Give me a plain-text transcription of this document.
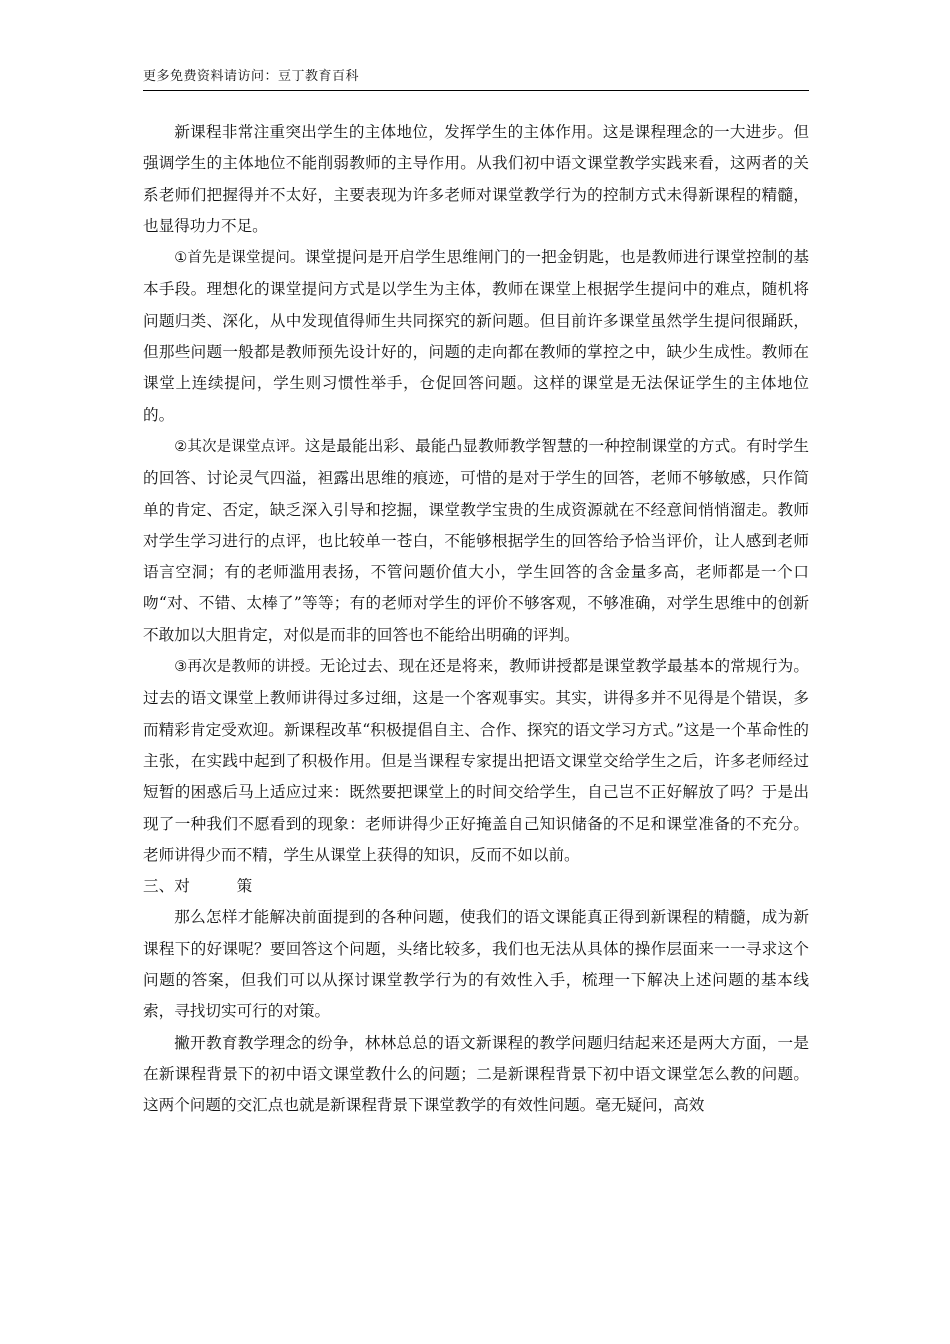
更多免费资料请访问：豆丁教育百科

新课程非常注重突出学生的主体地位，发挥学生的主体作用。这是课程理念的一大进步。但强调学生的主体地位不能削弱教师的主导作用。从我们初中语文课堂教学实践来看，这两者的关系老师们把握得并不太好，主要表现为许多老师对课堂教学行为的控制方式未得新课程的精髓，也显得功力不足。

①首先是课堂提问。课堂提问是开启学生思维闸门的一把金钥匙，也是教师进行课堂控制的基本手段。理想化的课堂提问方式是以学生为主体，教师在课堂上根据学生提问中的难点，随机将问题归类、深化，从中发现值得师生共同探究的新问题。但目前许多课堂虽然学生提问很踊跃，但那些问题一般都是教师预先设计好的，问题的走向都在教师的掌控之中，缺少生成性。教师在课堂上连续提问，学生则习惯性举手，仓促回答问题。这样的课堂是无法保证学生的主体地位的。

②其次是课堂点评。这是最能出彩、最能凸显教师教学智慧的一种控制课堂的方式。有时学生的回答、讨论灵气四溢，袒露出思维的痕迹，可惜的是对于学生的回答，老师不够敏感，只作简单的肯定、否定，缺乏深入引导和挖掘，课堂教学宝贵的生成资源就在不经意间悄悄溜走。教师对学生学习进行的点评，也比较单一苍白，不能够根据学生的回答给予恰当评价，让人感到老师语言空洞；有的老师滥用表扬，不管问题价值大小，学生回答的含金量多高，老师都是一个口吻“对、不错、太棒了”等等；有的老师对学生的评价不够客观，不够准确，对学生思维中的创新不敢加以大胆肯定，对似是而非的回答也不能给出明确的评判。

③再次是教师的讲授。无论过去、现在还是将来，教师讲授都是课堂教学最基本的常规行为。过去的语文课堂上教师讲得过多过细，这是一个客观事实。其实，讲得多并不见得是个错误，多而精彩肯定受欢迎。新课程改革“积极提倡自主、合作、探究的语文学习方式。”这是一个革命性的主张，在实践中起到了积极作用。但是当课程专家提出把语文课堂交给学生之后，许多老师经过短暂的困惑后马上适应过来：既然要把课堂上的时间交给学生，自己岂不正好解放了吗？于是出现了一种我们不愿看到的现象：老师讲得少正好掩盖自己知识储备的不足和课堂准备的不充分。老师讲得少而不精，学生从课堂上获得的知识，反而不如以前。

三、对	策

那么怎样才能解决前面提到的各种问题，使我们的语文课能真正得到新课程的精髓，成为新课程下的好课呢？要回答这个问题，头绪比较多，我们也无法从具体的操作层面来一一寻求这个问题的答案，但我们可以从探讨课堂教学行为的有效性入手，梳理一下解决上述问题的基本线索，寻找切实可行的对策。

撇开教育教学理念的纷争，林林总总的语文新课程的教学问题归结起来还是两大方面，一是在新课程背景下的初中语文课堂教什么的问题；二是新课程背景下初中语文课堂怎么教的问题。这两个问题的交汇点也就是新课程背景下课堂教学的有效性问题。毫无疑问，高效
